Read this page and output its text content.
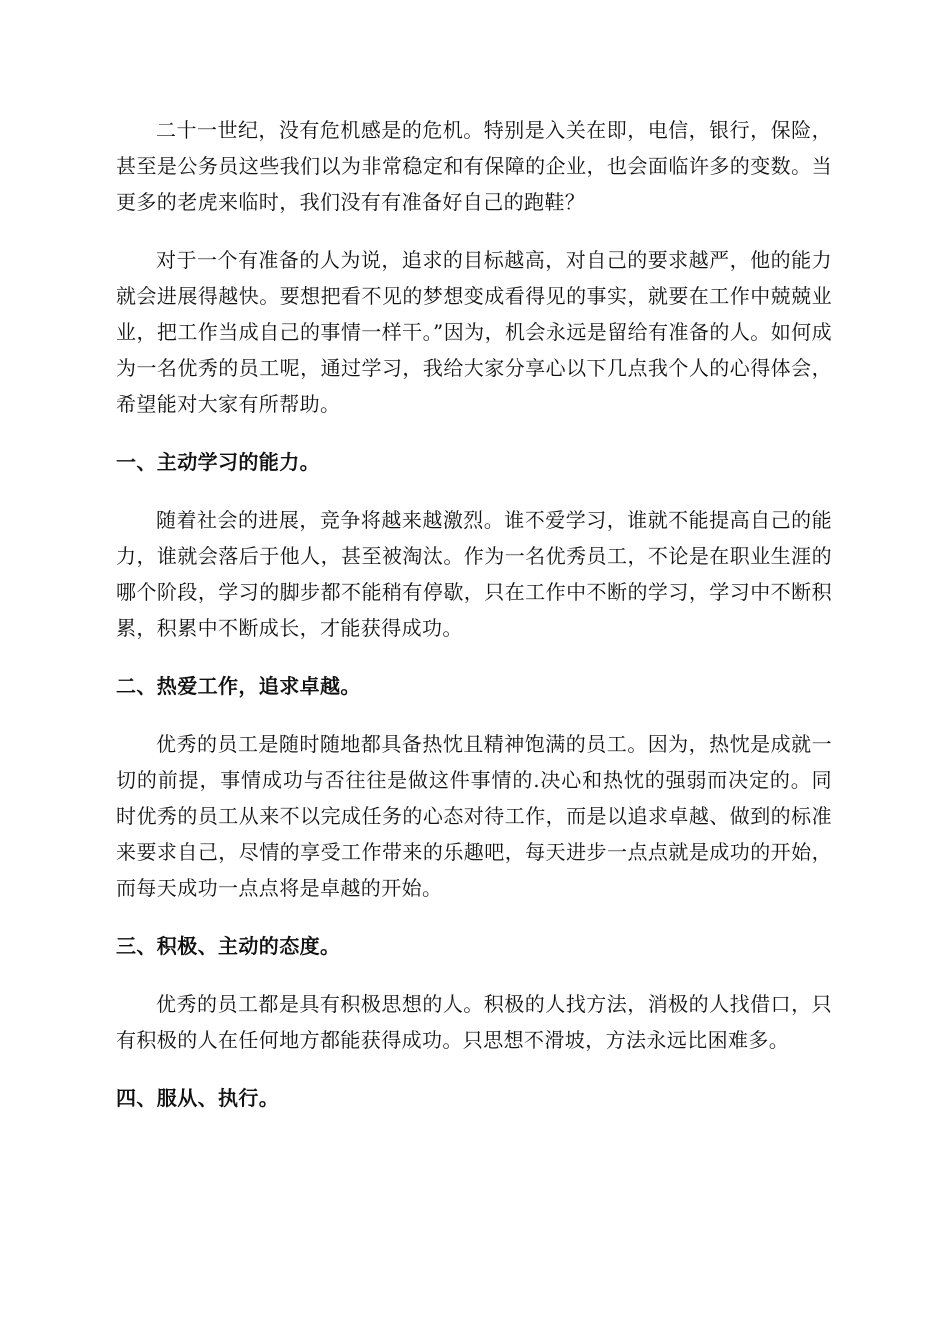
二十一世纪，没有危机感是的危机。特别是入关在即，电信，银行，保险，甚至是公务员这些我们以为非常稳定和有保障的企业，也会面临许多的变数。当更多的老虎来临时，我们没有有准备好自己的跑鞋？

对于一个有准备的人为说，追求的目标越高，对自己的要求越严，他的能力就会进展得越快。要想把看不见的梦想变成看得见的事实，就要在工作中兢兢业业，把工作当成自己的事情一样干。”因为，机会永远是留给有准备的人。如何成为一名优秀的员工呢，通过学习，我给大家分享心以下几点我个人的心得体会，希望能对大家有所帮助。

一、主动学习的能力。

随着社会的进展，竞争将越来越激烈。谁不爱学习，谁就不能提高自己的能力，谁就会落后于他人，甚至被淘汰。作为一名优秀员工，不论是在职业生涯的哪个阶段，学习的脚步都不能稍有停歇，只在工作中不断的学习，学习中不断积累，积累中不断成长，才能获得成功。

二、热爱工作，追求卓越。

优秀的员工是随时随地都具备热忱且精神饱满的员工。因为，热忱是成就一切的前提，事情成功与否往往是做这件事情的.决心和热忱的强弱而决定的。同时优秀的员工从来不以完成任务的心态对待工作，而是以追求卓越、做到的标准来要求自己，尽情的享受工作带来的乐趣吧，每天进步一点点就是成功的开始，而每天成功一点点将是卓越的开始。

三、积极、主动的态度。

优秀的员工都是具有积极思想的人。积极的人找方法，消极的人找借口，只有积极的人在任何地方都能获得成功。只思想不滑坡，方法永远比困难多。

四、服从、执行。
